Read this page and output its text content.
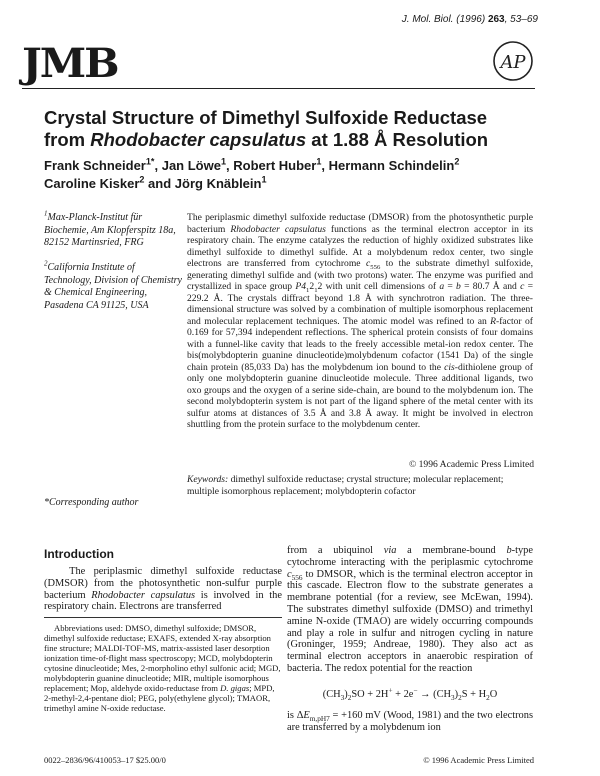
J. Mol. Biol. (1996) 263, 53–69
JMB	AP
Crystal Structure of Dimethyl Sulfoxide Reductase
from Rhodobacter capsulatus at 1.88 Å Resolution
Frank Schneider$^{1*}$, Jan Löwe$^1$, Robert Huber$^1$, Hermann Schindelin$^2$
Caroline Kisker$^2$ and Jörg Knäblein$^1$
$^1$Max-Planck-Institut für Biochemie, Am Klopferspitz 18a, 82152 Martinsried, FRG
$^2$California Institute of Technology, Division of Chemistry & Chemical Engineering, Pasadena CA 91125, USA
The periplasmic dimethyl sulfoxide reductase (DMSOR) from the photosynthetic purple bacterium Rhodobacter capsulatus functions as the terminal electron acceptor in its respiratory chain. The enzyme catalyzes the reduction of highly oxidized substrates like dimethyl sulfoxide to dimethyl sulfide. At a molybdenum redox center, two single electrons are transferred from cytochrome $c_{556}$ to the substrate dimethyl sulfoxide, generating dimethyl sulfide and (with two protons) water. The enzyme was purified and crystallized in space group $P4_12_12$ with unit cell dimensions of a = b = 80.7 Å and c = 229.2 Å. The crystals diffract beyond 1.8 Å with synchrotron radiation. The three-dimensional structure was solved by a combination of multiple isomorphous replacement and molecular replacement techniques. The atomic model was refined to an R-factor of 0.169 for 57,394 independent reflections. The spherical protein consists of four domains with a funnel-like cavity that leads to the freely accessible metal-ion redox center. The bis(molybdopterin guanine dinucleotide)molybdenum cofactor (1541 Da) of the single chain protein (85,033 Da) has the molybdenum ion bound to the cis-dithiolene group of only one molybdopterin guanine dinucleotide molecule. Three additional ligands, two oxo groups and the oxygen of a serine side-chain, are bound to the molybdenum ion. The second molybdopterin system is not part of the ligand sphere of the metal center with its sulfur atoms at distances of 3.5 Å and 3.8 Å away. It might be involved in electron shuttling from the protein surface to the molybdenum center.
© 1996 Academic Press Limited
Keywords: dimethyl sulfoxide reductase; crystal structure; molecular replacement; multiple isomorphous replacement; molybdopterin cofactor
*Corresponding author
Introduction
The periplasmic dimethyl sulfoxide reductase (DMSOR) from the photosynthetic non-sulfur purple bacterium Rhodobacter capsulatus is involved in the respiratory chain. Electrons are transferred

Abbreviations used: DMSO, dimethyl sulfoxide; DMSOR, dimethyl sulfoxide reductase; EXAFS, extended X-ray absorption fine structure; MALDI-TOF-MS, matrix-assisted laser desorption ionization time-of-flight mass spectroscopy; MCD, molybdopterin cytosine dinucleotide; Mes, 2-morpholino ethyl sulfonic acid; MGD, molybdopterin guanine dinucleotide; MIR, multiple isomorphous replacement; Mop, aldehyde oxido-reductase from D. gigas; MPD, 2-methyl-2,4-pentane diol; PEG, poly(ethylene glycol); TMAOR, trimethyl amine N-oxide reductase.

from a ubiquinol via a membrane-bound b-type cytochrome interacting with the periplasmic cytochrome $c_{556}$ to DMSOR, which is the terminal electron acceptor in this cascade. Electron flow to the substrate generates a membrane potential (for a review, see McEwan, 1994). The substrates dimethyl sulfoxide (DMSO) and trimethyl amine N-oxide (TMAO) are widely occurring compounds and play a role in sulfur and nitrogen cycling in nature (Groninger, 1959; Andreae, 1980). They also act as terminal electron acceptors in anaerobic respiration of bacteria. The redox potential for the reaction

$(CH_3)_2SO + 2H^+ + 2e^- \to (CH_3)_2S + H_2O$
is $\Delta E_{m,pH7} = +160$ mV (Wood, 1981) and the two electrons are transferred by a molybdenum ion
0022–2836/96/410053–17 $25.00/0	© 1996 Academic Press Limited
